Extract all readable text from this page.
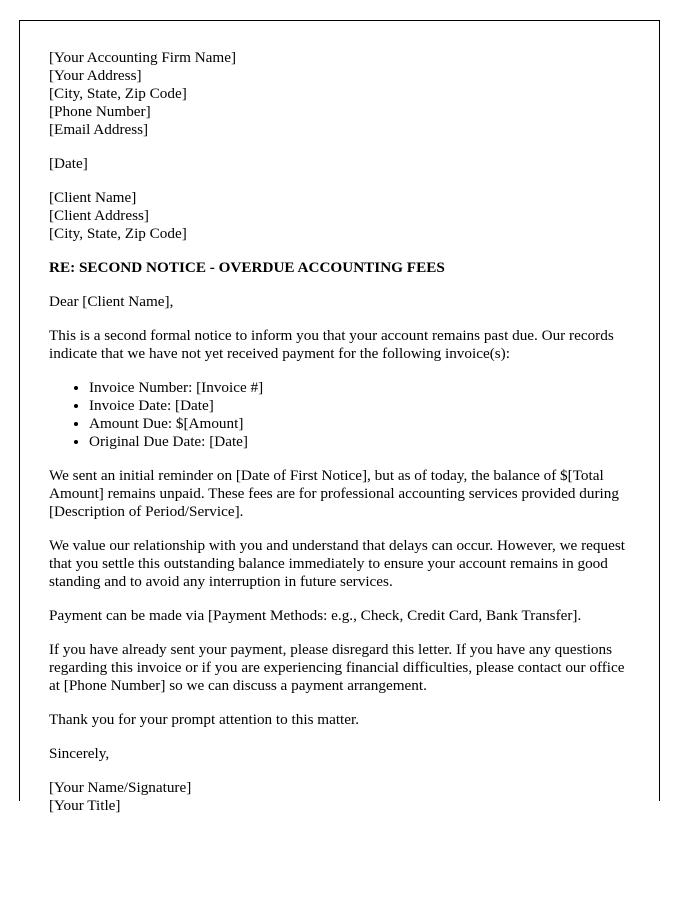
[Your Accounting Firm Name]
[Your Address]
[City, State, Zip Code]
[Phone Number]
[Email Address]
[Date]
[Client Name]
[Client Address]
[City, State, Zip Code]

RE: SECOND NOTICE - OVERDUE ACCOUNTING FEES

Dear [Client Name],

This is a second formal notice to inform you that your account remains past due. Our records indicate that we have not yet received payment for the following invoice(s):

• Invoice Number: [Invoice #]
• Invoice Date: [Date]
• Amount Due: $[Amount]
• Original Due Date: [Date]

We sent an initial reminder on [Date of First Notice], but as of today, the balance of $[Total Amount] remains unpaid. These fees are for professional accounting services provided during [Description of Period/Service].

We value our relationship with you and understand that delays can occur. However, we request that you settle this outstanding balance immediately to ensure your account remains in good standing and to avoid any interruption in future services.

Payment can be made via [Payment Methods: e.g., Check, Credit Card, Bank Transfer].

If you have already sent your payment, please disregard this letter. If you have any questions regarding this invoice or if you are experiencing financial difficulties, please contact our office at [Phone Number] so we can discuss a payment arrangement.

Thank you for your prompt attention to this matter.

Sincerely,

[Your Name/Signature]
[Your Title]
